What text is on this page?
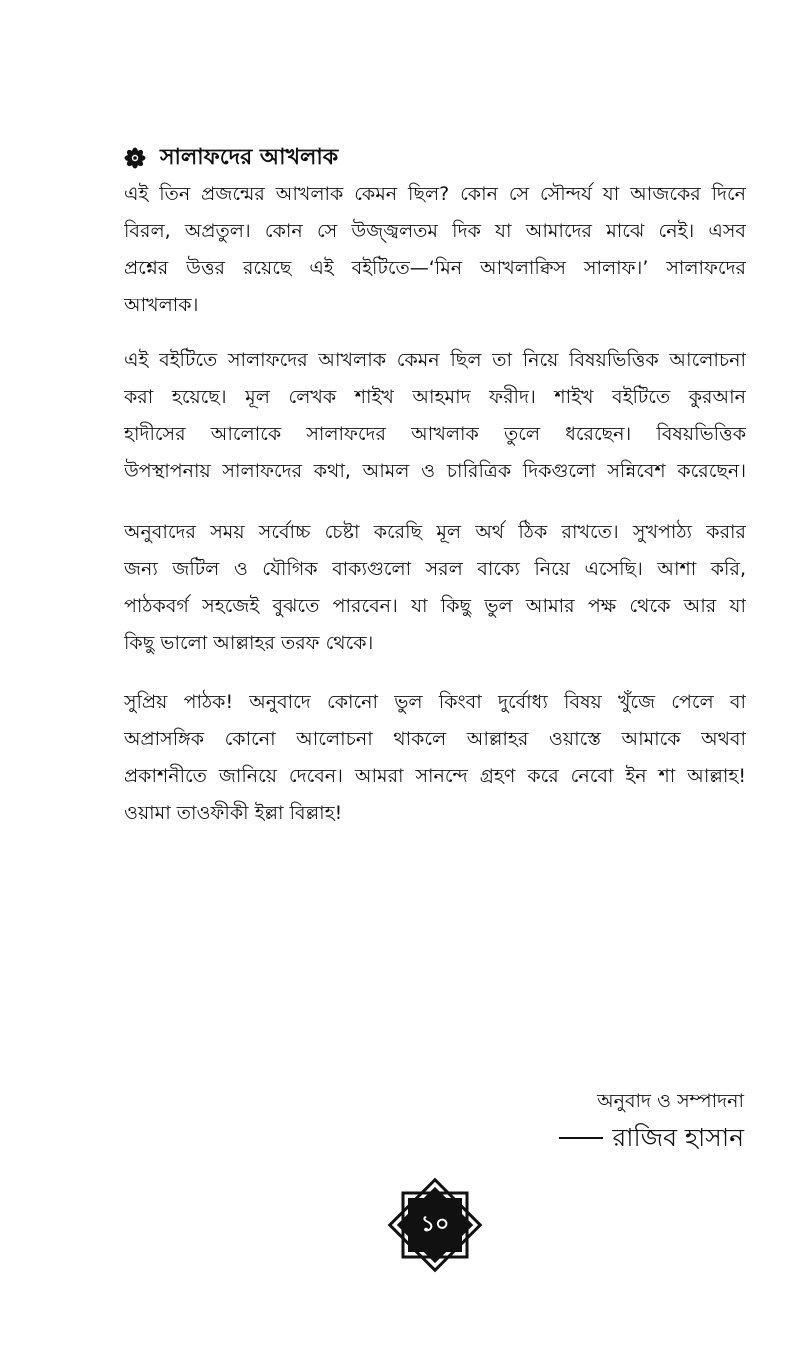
সালাফদের আখলাক
এই তিন প্রজন্মের আখলাক কেমন ছিল? কোন সে সৌন্দর্য যা আজকের দিনে
বিরল, অপ্রতুল। কোন সে উজ্জ্বলতম দিক যা আমাদের মাঝে নেই। এসব
প্রশ্নের উত্তর রয়েছে এই বইটিতে—‘মিন আখলাক্বিস সালাফ।’ সালাফদের
আখলাক।
এই বইটিতে সালাফদের আখলাক কেমন ছিল তা নিয়ে বিষয়ভিত্তিক আলোচনা
করা হয়েছে। মূল লেখক শাইখ আহমাদ ফরীদ। শাইখ বইটিতে কুরআন
হাদীসের আলোকে সালাফদের আখলাক তুলে ধরেছেন। বিষয়ভিত্তিক
উপস্থাপনায় সালাফদের কথা, আমল ও চারিত্রিক দিকগুলো সন্নিবেশ করেছেন।
অনুবাদের সময় সর্বোচ্চ চেষ্টা করেছি মূল অর্থ ঠিক রাখতে। সুখপাঠ্য করার
জন্য জটিল ও যৌগিক বাক্যগুলো সরল বাক্যে নিয়ে এসেছি। আশা করি,
পাঠকবর্গ সহজেই বুঝতে পারবেন। যা কিছু ভুল আমার পক্ষ থেকে আর যা
কিছু ভালো আল্লাহর তরফ থেকে।
সুপ্রিয় পাঠক! অনুবাদে কোনো ভুল কিংবা দুর্বোধ্য বিষয় খুঁজে পেলে বা
অপ্রাসঙ্গিক কোনো আলোচনা থাকলে আল্লাহর ওয়াস্তে আমাকে অথবা
প্রকাশনীতে জানিয়ে দেবেন। আমরা সানন্দে গ্রহণ করে নেবো ইন শা আল্লাহ!
ওয়ামা তাওফীকী ইল্লা বিল্লাহ!
অনুবাদ ও সম্পাদনা
রাজিব হাসান
১০
